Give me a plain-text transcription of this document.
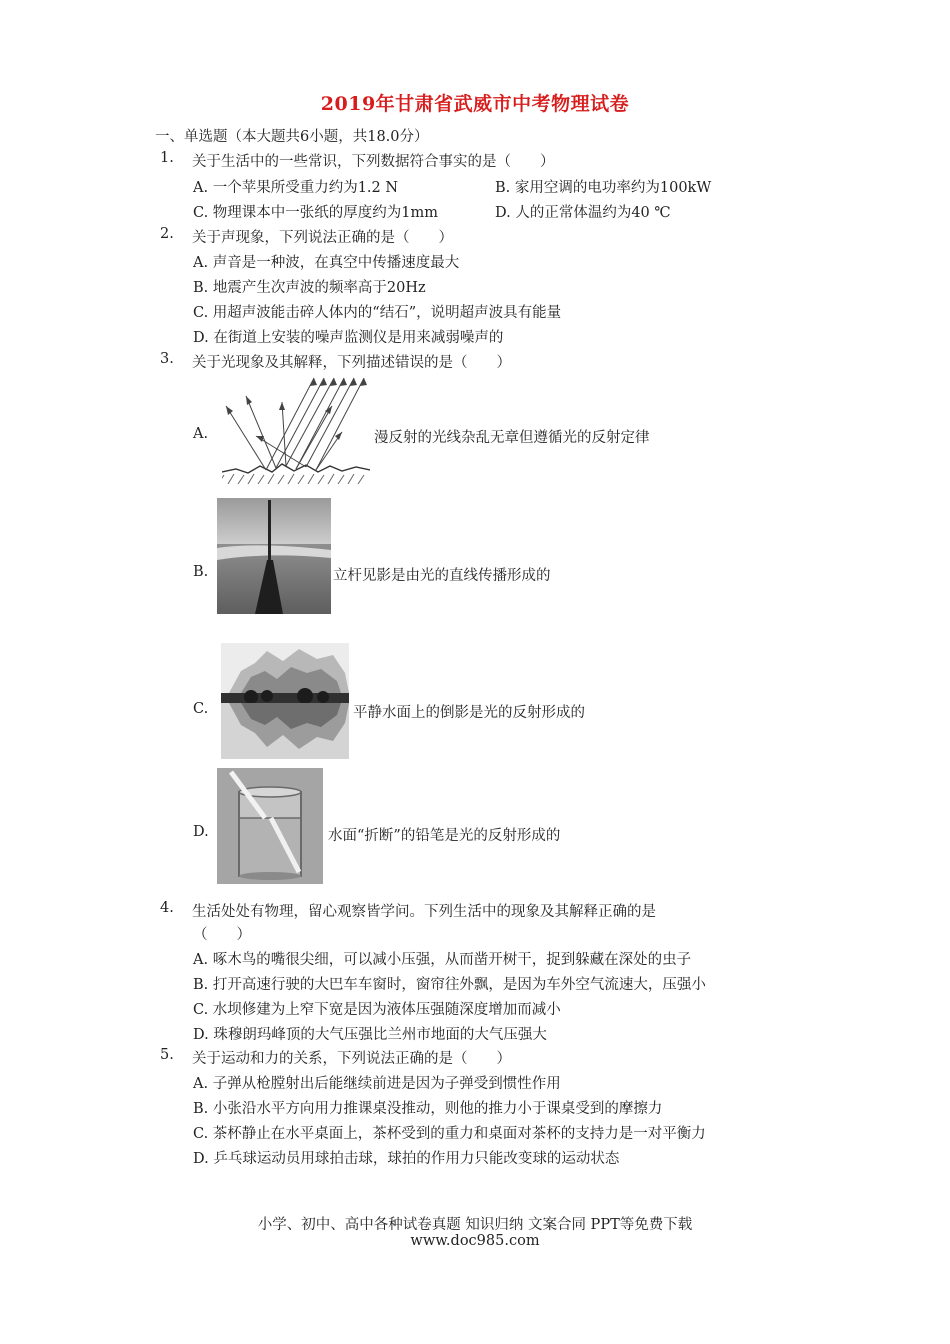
2019年甘肃省武威市中考物理试卷
一、单选题（本大题共6小题，共18.0分）
1. 关于生活中的一些常识，下列数据符合事实的是（　　）
A. 一个苹果所受重力约为1.2 N	B. 家用空调的电功率约为100kW
C. 物理课本中一张纸的厚度约为1mm	D. 人的正常体温约为40 ℃
2. 关于声现象，下列说法正确的是（　　）
A. 声音是一种波，在真空中传播速度最大
B. 地震产生次声波的频率高于20Hz
C. 用超声波能击碎人体内的“结石”，说明超声波具有能量
D. 在街道上安装的噪声监测仪是用来减弱噪声的
3. 关于光现象及其解释，下列描述错误的是（　　）
A.	漫反射的光线杂乱无章但遵循光的反射定律
B.	立杆见影是由光的直线传播形成的
C.	平静水面上的倒影是光的反射形成的
D.	水面“折断”的铅笔是光的反射形成的
4. 生活处处有物理，留心观察皆学问。下列生活中的现象及其解释正确的是
（　　）
A. 啄木鸟的嘴很尖细，可以减小压强，从而凿开树干，捉到躲藏在深处的虫子
B. 打开高速行驶的大巴车车窗时，窗帘往外飘，是因为车外空气流速大，压强小
C. 水坝修建为上窄下宽是因为液体压强随深度增加而减小
D. 珠穆朗玛峰顶的大气压强比兰州市地面的大气压强大
5. 关于运动和力的关系，下列说法正确的是（　　）
A. 子弹从枪膛射出后能继续前进是因为子弹受到惯性作用
B. 小张沿水平方向用力推课桌没推动，则他的推力小于课桌受到的摩擦力
C. 茶杯静止在水平桌面上，茶杯受到的重力和桌面对茶杯的支持力是一对平衡力
D. 乒乓球运动员用球拍击球，球拍的作用力只能改变球的运动状态
小学、初中、高中各种试卷真题 知识归纳 文案合同 PPT等免费下载
www.doc985.com
